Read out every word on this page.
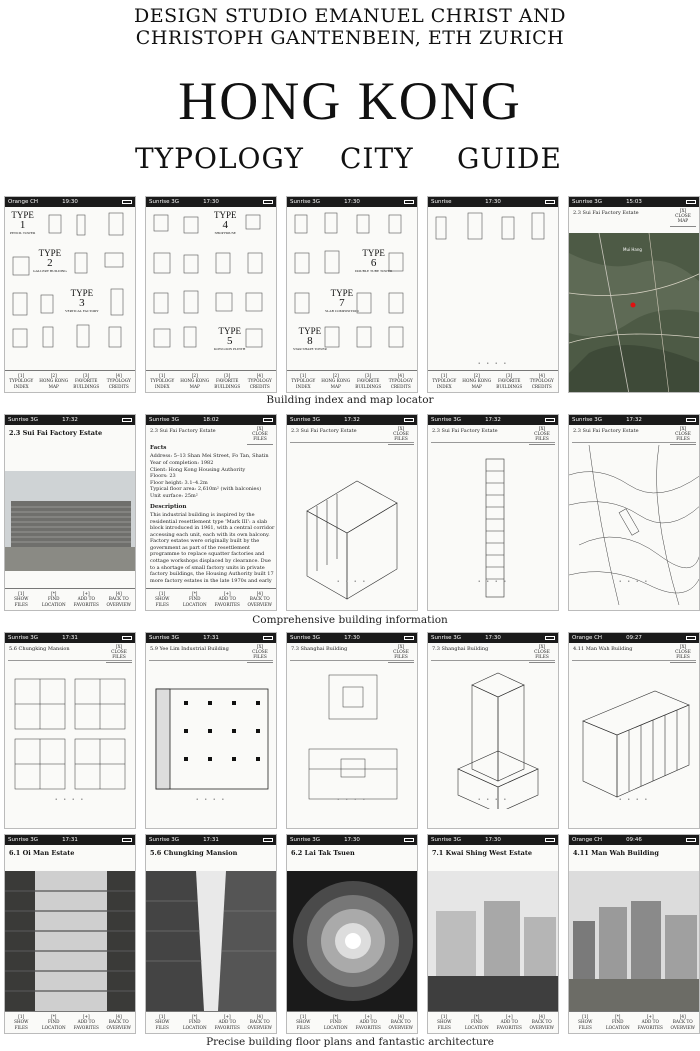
DESIGN STUDIO EMANUEL CHRIST AND
CHRISTOPH GANTENBEIN, ETH ZURICH
HONG KONG
TYPOLOGY CITY GUIDE
Orange CH	19:30
TYPE
1
PENCIL TOWER
TYPE
2
GALLERY BUILDING
TYPE
3
VERTICAL FACTORY
[1]
TYPOLOGY
INDEX
[2]
HONG KONG
MAP
[3]
FAVORITE
BUILDINGS
[4]
TYPOLOGY
CREDITS
Sunrise 3G	17:30
TYPE
4
SHOP HOUSE
TYPE
5
KOWLOON PLINTH
[1]
TYPOLOGY
INDEX
[2]
HONG KONG
MAP
[3]
FAVORITE
BUILDINGS
[4]
TYPOLOGY
CREDITS
Sunrise 3G	17:30
TYPE
6
DOUBLE TUBE TOWER
TYPE
7
SLAB COMPOSITION
TYPE
8
STAR SHAPE TOWER
[1]
TYPOLOGY
INDEX
[2]
HONG KONG
MAP
[3]
FAVORITE
BUILDINGS
[4]
TYPOLOGY
CREDITS
Sunrise	17:30
• • • •
[1]
TYPOLOGY
INDEX
[2]
HONG KONG
MAP
[3]
FAVORITE
BUILDINGS
[4]
TYPOLOGY
CREDITS
Sunrise 3G	15:03
2.3 Sui Fai Factory Estate	[X]
CLOSE
MAP
Mui Hang
Building index and map locator
Sunrise 3G	17:32
2.3 Sui Fai Factory Estate
[1]
SHOW
FILES
[*]
FIND
LOCATION
[+]
ADD TO
FAVORITES
[4]
BACK TO
OVERVIEW
Sunrise 3G	18:02
2.3 Sui Fai Factory Estate	[X]
CLOSE
FILES
Facts
Address: 5–13 Shan Mei Street, Fo Tan, Shatin
Year of completion: 1982
Client: Hong Kong Housing Authority
Floors: 23
Floor height: 3.1–4.2m
Typical floor area: 2,610m² (with balconies)
Unit surface: 25m²
Description
This industrial building is inspired by the
residential resettlement type 'Mark III': a slab
block introduced in 1961, with a central corridor
accessing each unit, each with its own balcony.
Factory estates were originally built by the
government as part of the resettlement
programme to replace squatter factories and
cottage workshops displaced by clearance. Due
to a shortage of small factory units in private
factory buildings, the Housing Authority built 17
more factory estates in the late 1970s and early
[1]
SHOW
FILES
[*]
FIND
LOCATION
[+]
ADD TO
FAVORITES
[4]
BACK TO
OVERVIEW
Sunrise 3G	17:32
2.3 Sui Fai Factory Estate	[X]
CLOSE
FILES
• • • •
Sunrise 3G	17:32
2.3 Sui Fai Factory Estate	[X]
CLOSE
FILES
• • • •
Sunrise 3G	17:32
2.3 Sui Fai Factory Estate	[X]
CLOSE
FILES
• • • •
Comprehensive building information
Sunrise 3G	17:31
5.6 Chungking Mansion	[X]
CLOSE
FILES
• • • •
Sunrise 3G	17:31
5.9 Yee Lim Industrial Building	[X]
CLOSE
FILES
• • • •
Sunrise 3G	17:30
7.3 Shanghai Building	[X]
CLOSE
FILES
• • • •
Sunrise 3G	17:30
7.3 Shanghai Building	[X]
CLOSE
FILES
• • • •
Orange CH	09:27
4.11 Man Wah Building	[X]
CLOSE
FILES
• • • •
Sunrise 3G	17:31
6.1 Oi Man Estate
[1]
SHOW
FILES
[*]
FIND
LOCATION
[+]
ADD TO
FAVORITES
[4]
BACK TO
OVERVIEW
Sunrise 3G	17:31
5.6 Chungking Mansion
[1]
SHOW
FILES
[*]
FIND
LOCATION
[+]
ADD TO
FAVORITES
[4]
BACK TO
OVERVIEW
Sunrise 3G	17:30
6.2 Lai Tak Tsuen
[1]
SHOW
FILES
[*]
FIND
LOCATION
[+]
ADD TO
FAVORITES
[4]
BACK TO
OVERVIEW
Sunrise 3G	17:30
7.1 Kwai Shing West Estate
[1]
SHOW
FILES
[*]
FIND
LOCATION
[+]
ADD TO
FAVORITES
[4]
BACK TO
OVERVIEW
Orange CH	09:46
4.11 Man Wah Building
[1]
SHOW
FILES
[*]
FIND
LOCATION
[+]
ADD TO
FAVORITES
[4]
BACK TO
OVERVIEW
Precise building floor plans and fantastic architecture
